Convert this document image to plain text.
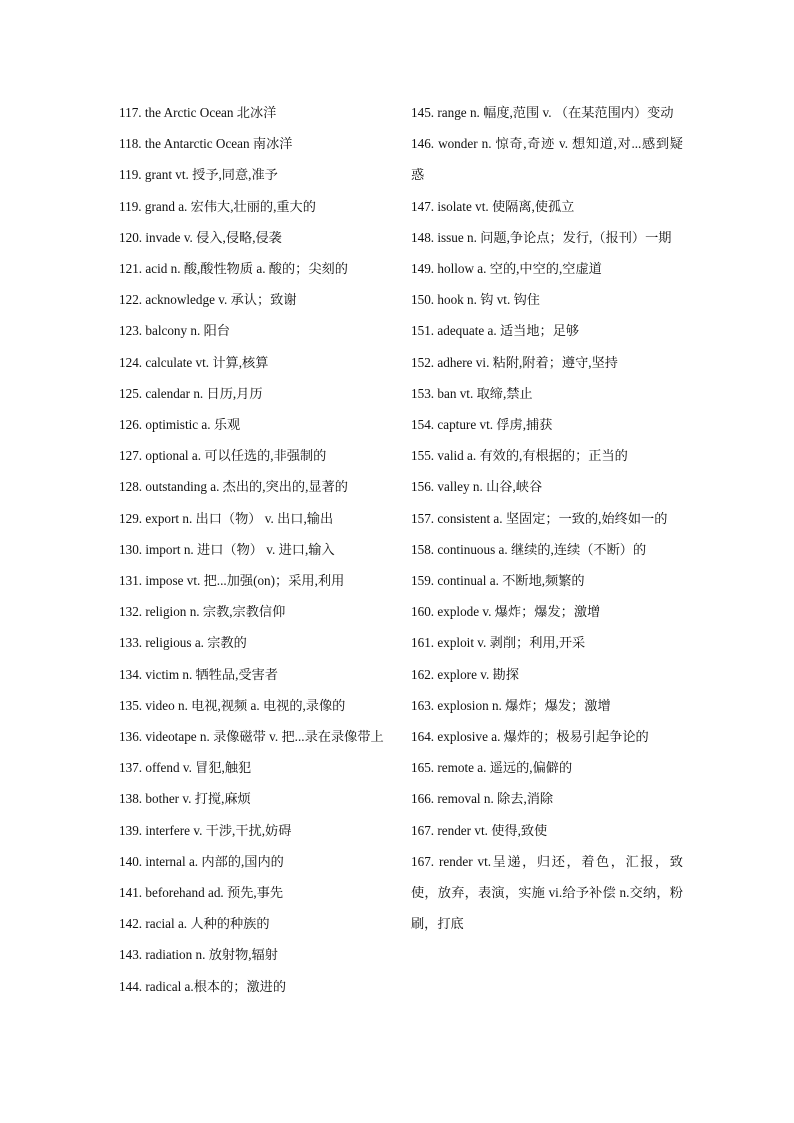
117. the Arctic Ocean 北冰洋

118. the Antarctic Ocean 南冰洋

119. grant vt. 授予,同意,准予

119. grand a. 宏伟大,壮丽的,重大的

120. invade v. 侵入,侵略,侵袭

121. acid n. 酸,酸性物质 a. 酸的；尖刻的

122. acknowledge v. 承认；致谢

123. balcony n. 阳台

124. calculate vt. 计算,核算

125. calendar n. 日历,月历

126. optimistic a. 乐观

127. optional a. 可以任选的,非强制的

128. outstanding a. 杰出的,突出的,显著的

129. export n. 出口（物） v. 出口,输出

130. import n. 进口（物） v. 进口,输入

131. impose vt. 把...加强(on)；采用,利用

132. religion n. 宗教,宗教信仰

133. religious a. 宗教的

134. victim n. 牺牲品,受害者

135. video n. 电视,视频 a. 电视的,录像的

136. videotape n. 录像磁带 v. 把...录在录像带上

137. offend v. 冒犯,触犯

138. bother v. 打搅,麻烦

139. interfere v. 干涉,干扰,妨碍

140. internal a. 内部的,国内的

141. beforehand ad. 预先,事先

142. racial a. 人种的种族的

143. radiation n. 放射物,辐射

144. radical a.根本的；激进的

145. range n. 幅度,范围 v. （在某范围内）变动

146. wonder n. 惊奇,奇迹 v. 想知道,对...感到疑惑

147. isolate vt. 使隔离,使孤立

148. issue n. 问题,争论点；发行,（报刊）一期

149. hollow a. 空的,中空的,空虚道

150. hook n. 钩 vt. 钩住

151. adequate a. 适当地；足够

152. adhere vi. 粘附,附着；遵守,坚持

153. ban vt. 取缔,禁止

154. capture vt. 俘虏,捕获

155. valid a. 有效的,有根据的；正当的

156. valley n. 山谷,峡谷

157. consistent a. 坚固定；一致的,始终如一的

158. continuous a. 继续的,连续（不断）的

159. continual a. 不断地,频繁的

160. explode v. 爆炸；爆发；激增

161. exploit v. 剥削；利用,开采

162. explore v. 勘探

163. explosion n. 爆炸；爆发；激增

164. explosive a. 爆炸的；极易引起争论的

165. remote a. 遥远的,偏僻的

166. removal n. 除去,消除

167. render vt. 使得,致使

167. render vt.呈递，归还，着色，汇报，致使，放弃，表演，实施 vi.给予补偿 n.交纳，粉刷，打底
